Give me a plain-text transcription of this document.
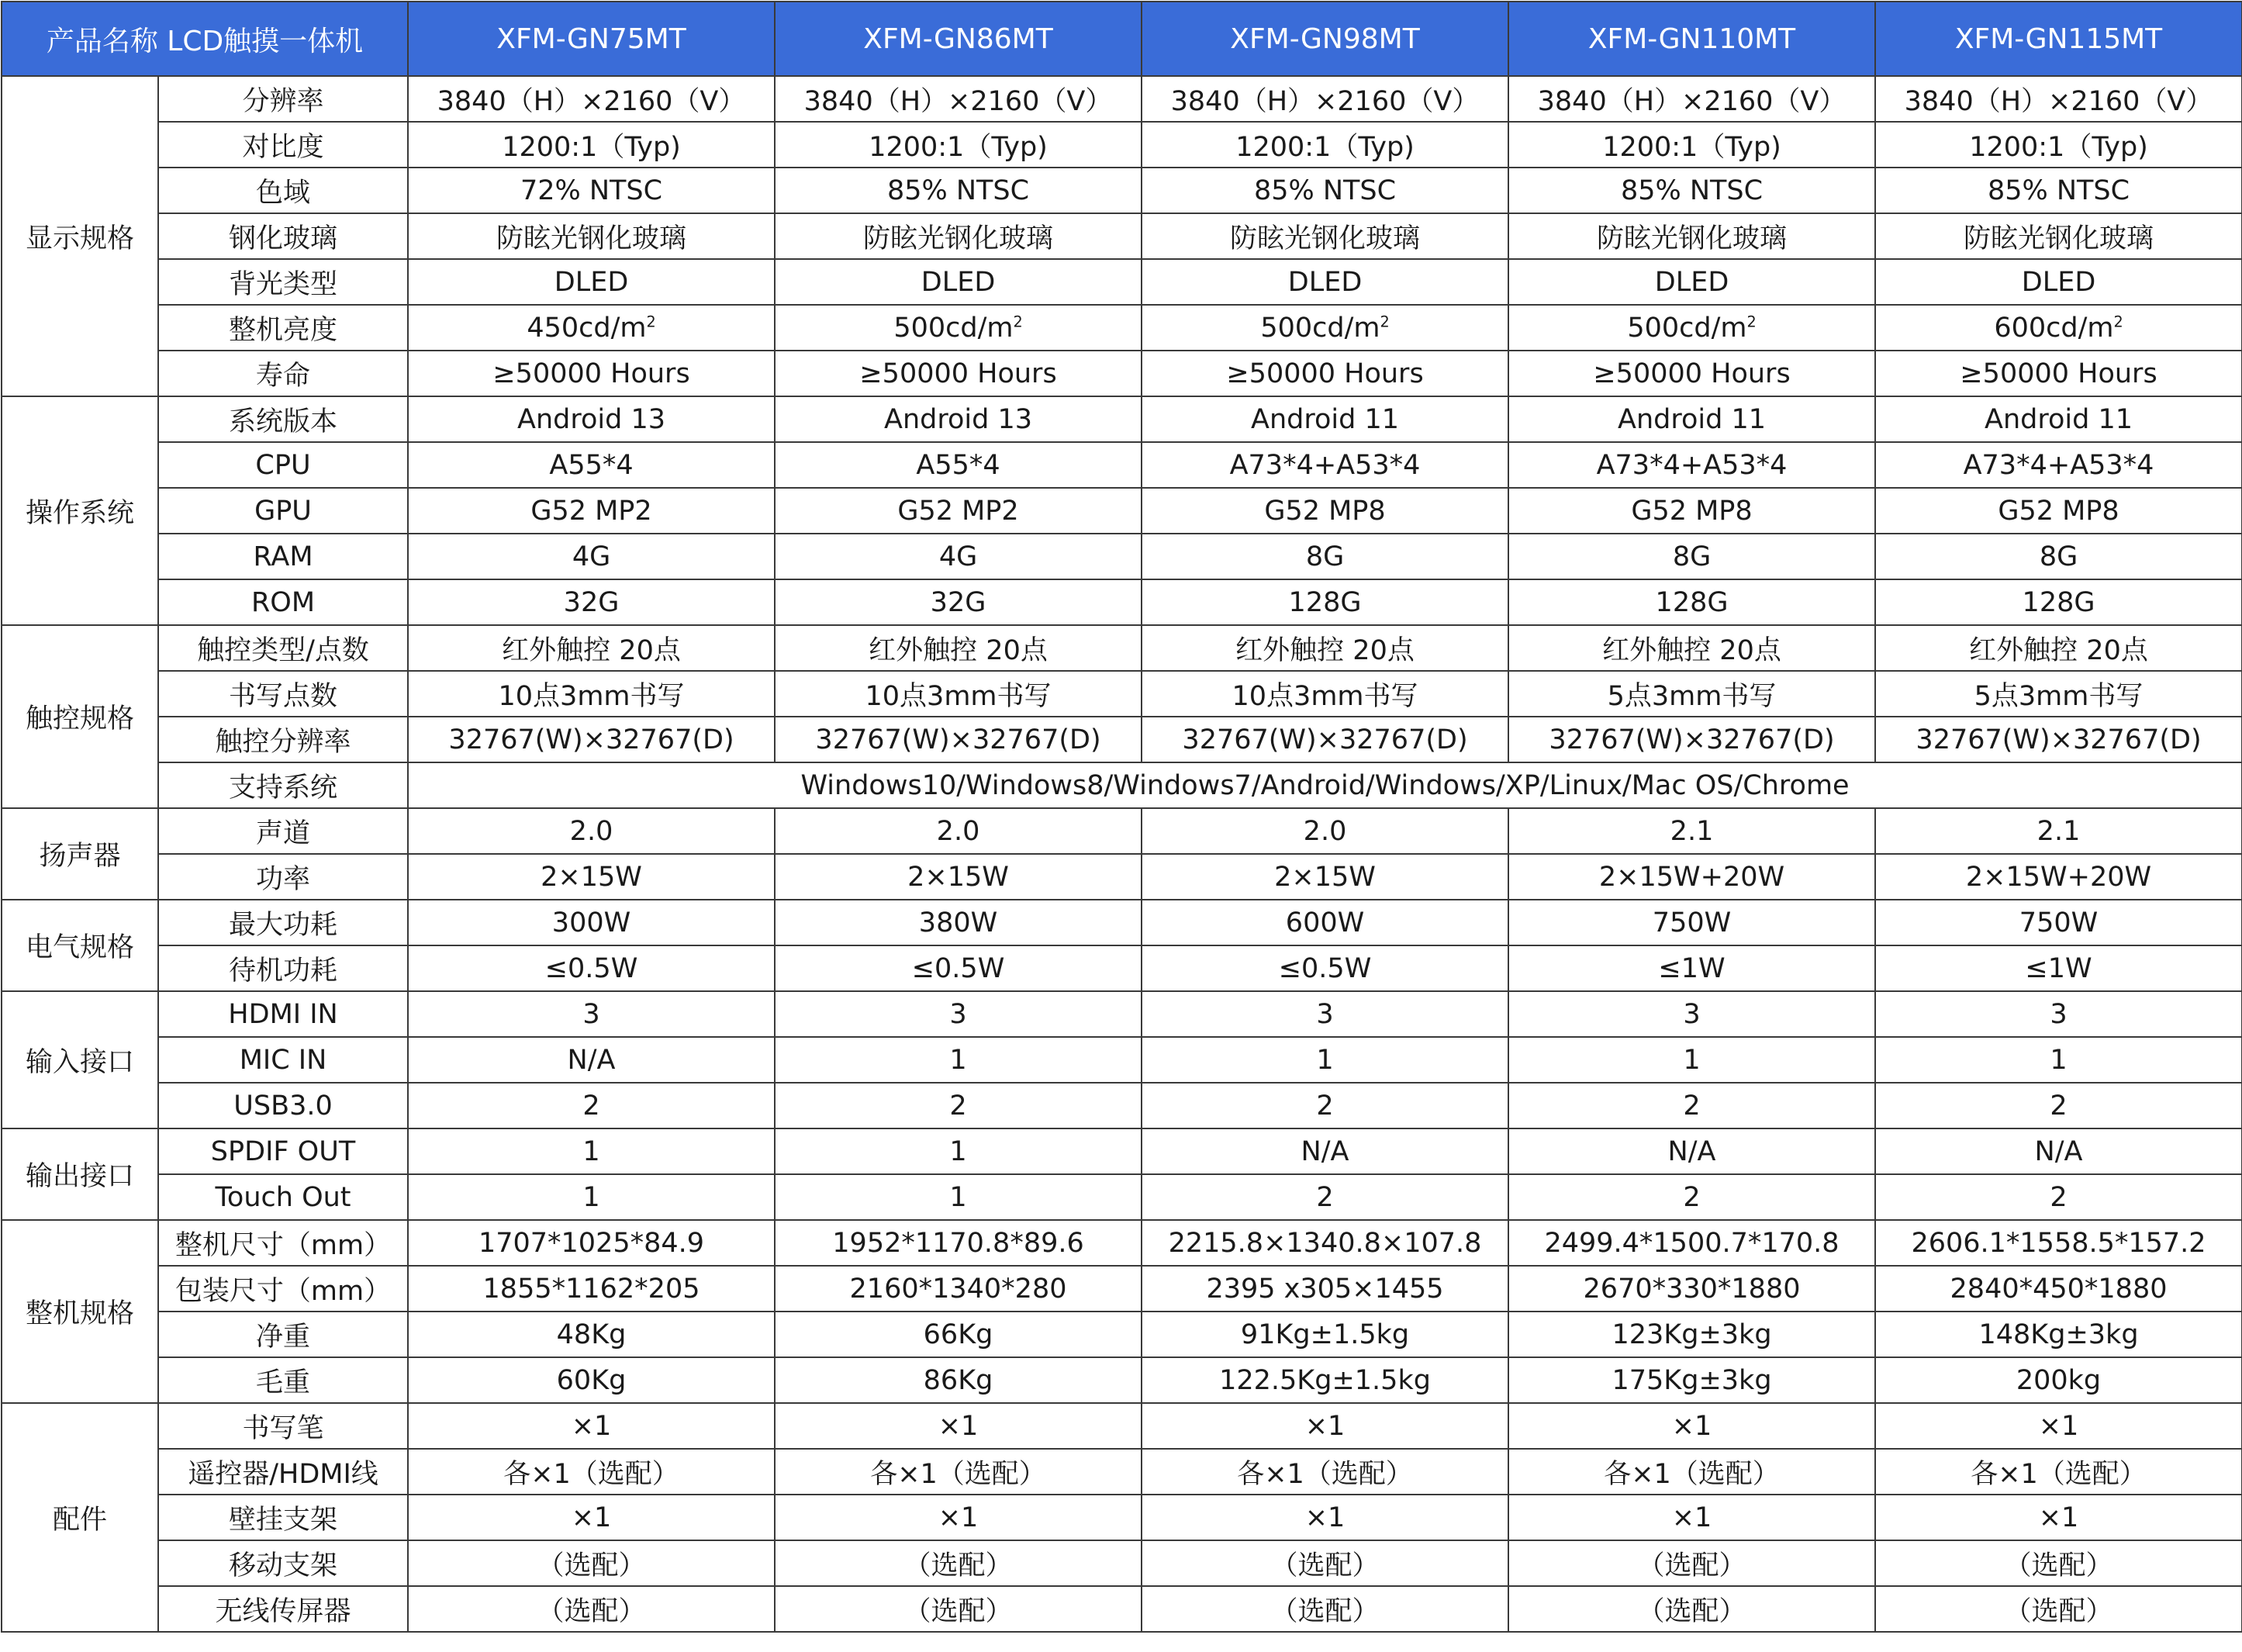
产品名称 LCD触摸一体机		XFM-GN75MT	XFM-GN86MT	XFM-GN98MT	XFM-GN110MT	XFM-GN115MT
显示规格	分辨率	3840（H）×2160（V）	3840（H）×2160（V）	3840（H）×2160（V）	3840（H）×2160（V）	3840（H）×2160（V）
	对比度	1200:1（Typ)	1200:1（Typ)	1200:1（Typ)	1200:1（Typ)	1200:1（Typ)
	色域	72% NTSC	85% NTSC	85% NTSC	85% NTSC	85% NTSC
	钢化玻璃	防眩光钢化玻璃	防眩光钢化玻璃	防眩光钢化玻璃	防眩光钢化玻璃	防眩光钢化玻璃
	背光类型	DLED	DLED	DLED	DLED	DLED
	整机亮度	$450cd/m^2$	$500cd/m^2$	$500cd/m^2$	$500cd/m^2$	$600cd/m^2$
	寿命	≥50000 Hours	≥50000 Hours	≥50000 Hours	≥50000 Hours	≥50000 Hours
操作系统	系统版本	Android 13	Android 13	Android 11	Android 11	Android 11
	CPU	A55*4	A55*4	A73*4+A53*4	A73*4+A53*4	A73*4+A53*4
	GPU	G52 MP2	G52 MP2	G52 MP8	G52 MP8	G52 MP8
	RAM	4G	4G	8G	8G	8G
	ROM	32G	32G	128G	128G	128G
触控规格	触控类型/点数	红外触控 20点	红外触控 20点	红外触控 20点	红外触控 20点	红外触控 20点
	书写点数	10点3mm书写	10点3mm书写	10点3mm书写	5点3mm书写	5点3mm书写
	触控分辨率	32767(W)×32767(D)	32767(W)×32767(D)	32767(W)×32767(D)	32767(W)×32767(D)	32767(W)×32767(D)
	支持系统	Windows10/Windows8/Windows7/Android/Windows/XP/Linux/Mac OS/Chrome				
扬声器	声道	2.0	2.0	2.0	2.1	2.1
	功率	2×15W	2×15W	2×15W	2×15W+20W	2×15W+20W
电气规格	最大功耗	300W	380W	600W	750W	750W
	待机功耗	≤0.5W	≤0.5W	≤0.5W	≤1W	≤1W
输入接口	HDMI IN	3	3	3	3	3
	MIC IN	N/A	1	1	1	1
	USB3.0	2	2	2	2	2
输出接口	SPDIF OUT	1	1	N/A	N/A	N/A
	Touch Out	1	1	2	2	2
整机规格	整机尺寸（mm）	1707*1025*84.9	1952*1170.8*89.6	2215.8×1340.8×107.8	2499.4*1500.7*170.8	2606.1*1558.5*157.2
	包装尺寸（mm）	1855*1162*205	2160*1340*280	2395 x305×1455	2670*330*1880	2840*450*1880
	净重	48Kg	66Kg	91Kg±1.5kg	123Kg±3kg	148Kg±3kg
	毛重	60Kg	86Kg	122.5Kg±1.5kg	175Kg±3kg	200kg
配件	书写笔	×1	×1	×1	×1	×1
	遥控器/HDMI线	各×1（选配）	各×1（选配）	各×1（选配）	各×1（选配）	各×1（选配）
	壁挂支架	×1	×1	×1	×1	×1
	移动支架	（选配）	（选配）	（选配）	（选配）	（选配）
	无线传屏器	（选配）	（选配）	（选配）	（选配）	（选配）
